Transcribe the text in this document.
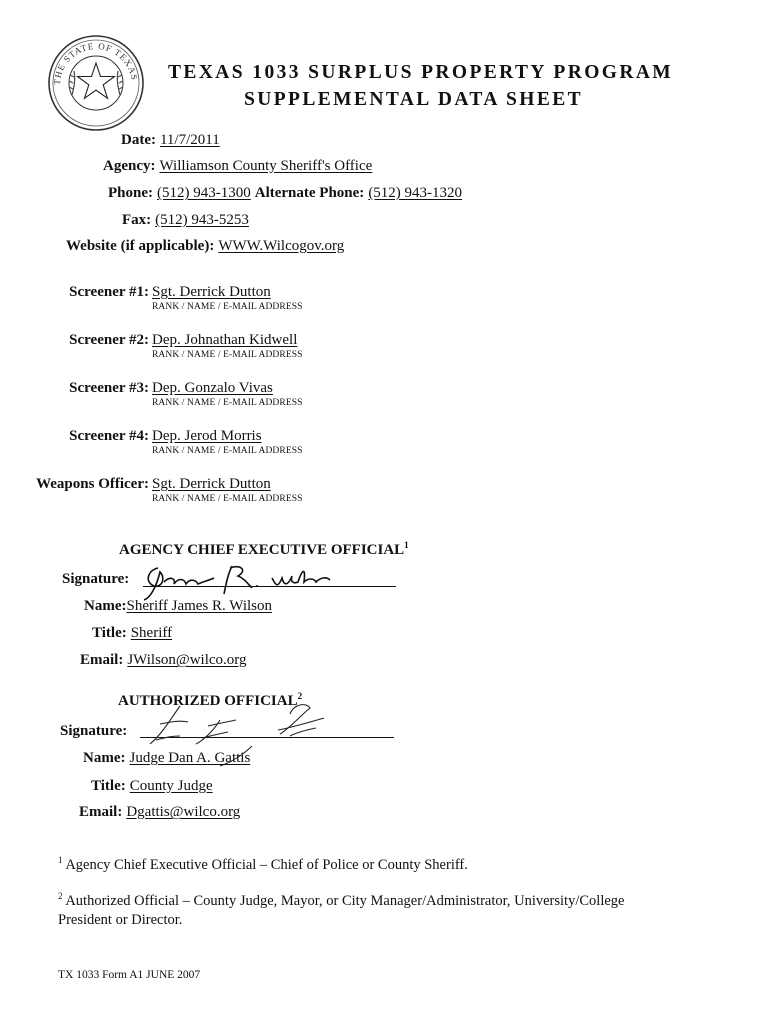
THE STATE OF TEXAS TEXAS 1033 SURPLUS PROPERTY PROGRAM
SUPPLEMENTAL DATA SHEET
Date: 11/7/2011
Agency: Williamson County Sheriff's Office
Phone: (512) 943-1300 Alternate Phone: (512) 943-1320
Fax: (512) 943-5253
Website (if applicable): WWW.Wilcogov.org
Screener #1: Sgt. Derrick Dutton
RANK / NAME / E-MAIL ADDRESS
Screener #2: Dep. Johnathan Kidwell
RANK / NAME / E-MAIL ADDRESS
Screener #3: Dep. Gonzalo Vivas
RANK / NAME / E-MAIL ADDRESS
Screener #4: Dep. Jerod Morris
RANK / NAME / E-MAIL ADDRESS
Weapons Officer: Sgt. Derrick Dutton
RANK / NAME / E-MAIL ADDRESS
AGENCY CHIEF EXECUTIVE OFFICIAL$^1$
Signature:
Name:Sheriff James R. Wilson
Title: Sheriff
Email: JWilson@wilco.org
AUTHORIZED OFFICIAL$^2$
Signature:
Name: Judge Dan A. Gattis
Title: County Judge
Email: Dgattis@wilco.org
$^1$ Agency Chief Executive Official – Chief of Police or County Sheriff.
$^2$ Authorized Official – County Judge, Mayor, or City Manager/Administrator, University/College
President or Director.
TX 1033 Form A1 JUNE 2007
